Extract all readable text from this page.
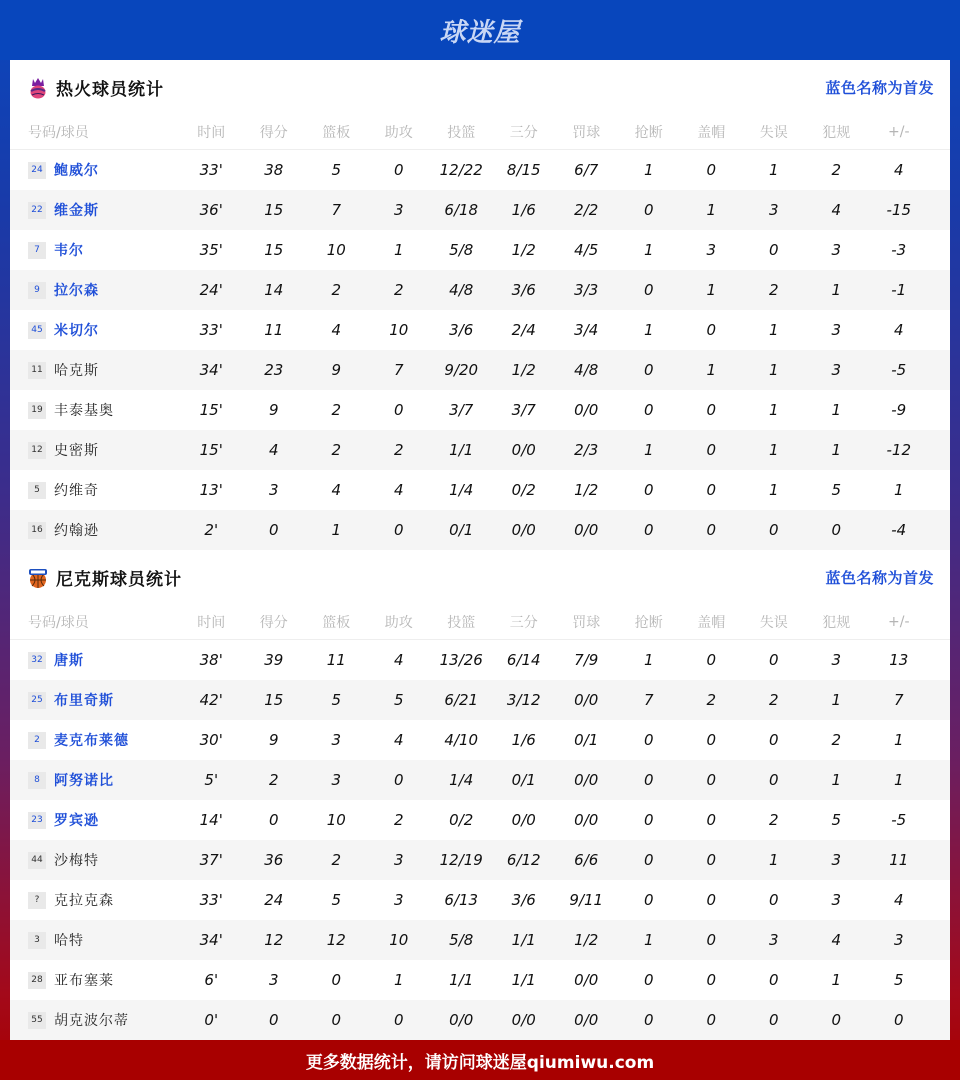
球迷屋
热火球员统计	蓝色名称为首发
号码/球员	时间	得分	篮板	助攻	投篮	三分	罚球	抢断	盖帽	失误	犯规	+/-
24 鲍威尔	33'	38	5	0	12/22	8/15	6/7	1	0	1	2	4
22 维金斯	36'	15	7	3	6/18	1/6	2/2	0	1	3	4	-15
7	韦尔	35'	15	10	1	5/8	1/2	4/5	1	3	0	3	-3
9	拉尔森	24'	14	2	2	4/8	3/6	3/3	0	1	2	1	-1
45 米切尔	33'	11	4	10	3/6	2/4	3/4	1	0	1	3	4
11 哈克斯	34'	23	9	7	9/20	1/2	4/8	0	1	1	3	-5
19 丰泰基奥	15'	9	2	0	3/7	3/7	0/0	0	0	1	1	-9
12 史密斯	15'	4	2	2	1/1	0/0	2/3	1	0	1	1	-12
5	约维奇	13'	3	4	4	1/4	0/2	1/2	0	0	1	5	1
16 约翰逊	2'	0	1	0	0/1	0/0	0/0	0	0	0	0	-4
尼克斯球员统计	蓝色名称为首发
号码/球员	时间	得分	篮板	助攻	投篮	三分	罚球	抢断	盖帽	失误	犯规	+/-
32 唐斯	38'	39	11	4	13/26	6/14	7/9	1	0	0	3	13
25 布里奇斯	42'	15	5	5	6/21	3/12	0/0	7	2	2	1	7
2	麦克布莱德	30'	9	3	4	4/10	1/6	0/1	0	0	0	2	1
8	阿努诺比	5'	2	3	0	1/4	0/1	0/0	0	0	0	1	1
23 罗宾逊	14'	0	10	2	0/2	0/0	0/0	0	0	2	5	-5
44 沙梅特	37'	36	2	3	12/19	6/12	6/6	0	0	1	3	11
?	克拉克森	33'	24	5	3	6/13	3/6	9/11	0	0	0	3	4
3	哈特	34'	12	12	10	5/8	1/1	1/2	1	0	3	4	3
28 亚布塞莱	6'	3	0	1	1/1	1/1	0/0	0	0	0	1	5
55 胡克波尔蒂	0'	0	0	0	0/0	0/0	0/0	0	0	0	0	0
更多数据统计，请访问球迷屋qiumiwu.com
